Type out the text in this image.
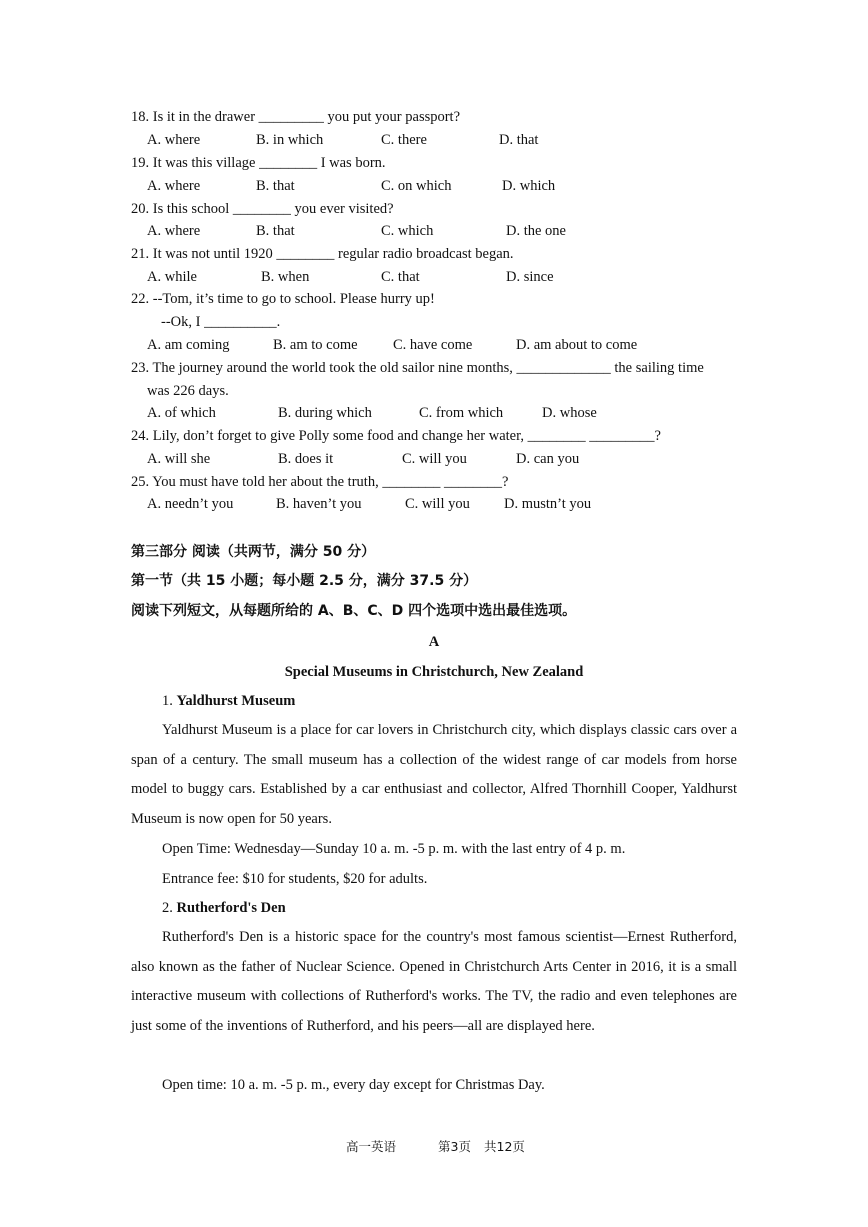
18. Is it in the drawer _________ you put your passport?
A. where	B. in which	C. there	D. that
19. It was this village ________ I was born.
A. where	B. that	C. on which	D. which
20. Is this school ________ you ever visited?
A. where	B. that	C. which	D. the one
21. It was not until 1920 ________ regular radio broadcast began.
A. while	B. when	C. that	D. since
22. --Tom, it’s time to go to school. Please hurry up!
--Ok, I __________.
A. am coming	B. am to come C. have come	D. am about to come
23. The journey around the world took the old sailor nine months, _____________ the sailing time
was 226 days.
A. of which	B. during which	C. from which	D. whose
24. Lily, don’t forget to give Polly some food and change her water, ________ _________?
A. will she	B. does it	C. will you	D. can you
25. You must have told her about the truth, ________ ________?
A. needn’t you	B. haven’t you	C. will you D. mustn’t you
第三部分 阅读（共两节，满分 50 分）
第一节（共 15 小题；每小题 2.5 分，满分 37.5 分）
阅读下列短文，从每题所给的 A、B、C、D 四个选项中选出最佳选项。
A
Special Museums in Christchurch, New Zealand
1. Yaldhurst Museum
Yaldhurst Museum is a place for car lovers in Christchurch city, which displays classic cars over a span of a century. The small museum has a collection of the widest range of car models from horse model to buggy cars. Established by a car enthusiast and collector, Alfred Thornhill Cooper, Yaldhurst Museum is now open for 50 years.
Open Time: Wednesday—Sunday 10 a. m. -5 p. m. with the last entry of 4 p. m.
Entrance fee: $10 for students, $20 for adults.
2. Rutherford's Den
Rutherford's Den is a historic space for the country's most famous scientist—Ernest Rutherford, also known as the father of Nuclear Science. Opened in Christchurch Arts Center in 2016, it is a small interactive museum with collections of Rutherford's works. The TV, the radio and even telephones are just some of the inventions of Rutherford, and his peers—all are displayed here.
Open time: 10 a. m. -5 p. m., every day except for Christmas Day.
高一英语	第3页 共12页
